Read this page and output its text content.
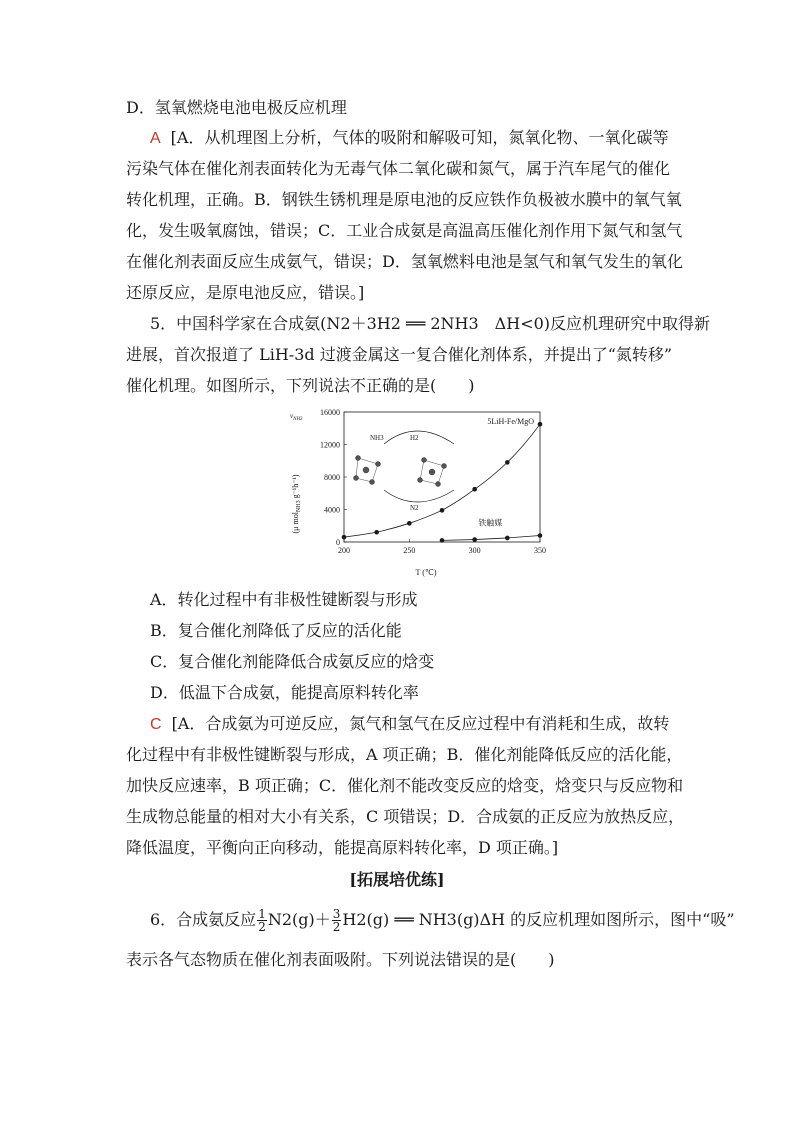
D．氢氧燃烧电池电极反应机理
A [A．从机理图上分析，气体的吸附和解吸可知，氮氧化物、一氧化碳等
污染气体在催化剂表面转化为无毒气体二氧化碳和氮气，属于汽车尾气的催化
转化机理，正确。B．钢铁生锈机理是原电池的反应铁作负极被水膜中的氧气氧
化，发生吸氧腐蚀，错误；C．工业合成氨是高温高压催化剂作用下氮气和氢气
在催化剂表面反应生成氨气，错误；D．氢氧燃料电池是氢气和氧气发生的氧化
还原反应，是原电池反应，错误。]
5．中国科学家在合成氨(N2＋3H2 ══ 2NH3　ΔH<0)反应机理研究中取得新
进展，首次报道了 LiH-3d 过渡金属这一复合催化剂体系，并提出了“氮转移”
催化机理。如图所示，下列说法不正确的是(　　)
(μ mol$_{NH3}$ g⁻¹h⁻¹)
$v_{NH3}$
0
4000
8000
12000
16000
200	250	300	350
T (℃)
5LiH-Fe/MgO
NH3	H2
N2
铁触媒
A．转化过程中有非极性键断裂与形成
B．复合催化剂降低了反应的活化能
C．复合催化剂能降低合成氨反应的焓变
D．低温下合成氨，能提高原料转化率
C [A．合成氨为可逆反应，氮气和氢气在反应过程中有消耗和生成，故转
化过程中有非极性键断裂与形成，A 项正确；B．催化剂能降低反应的活化能，
加快反应速率，B 项正确；C．催化剂不能改变反应的焓变，焓变只与反应物和
生成物总能量的相对大小有关系，C 项错误；D．合成氨的正反应为放热反应，
降低温度，平衡向正向移动，能提高原料转化率，D 项正确。]
[拓展培优练]
6．合成氨反应 $\frac{1}{2} N2(g)+ \frac{3}{2} H2(g)$ ══ NH3(g)ΔH 的反应机理如图所示，图中“吸”
表示各气态物质在催化剂表面吸附。下列说法错误的是(　　)
